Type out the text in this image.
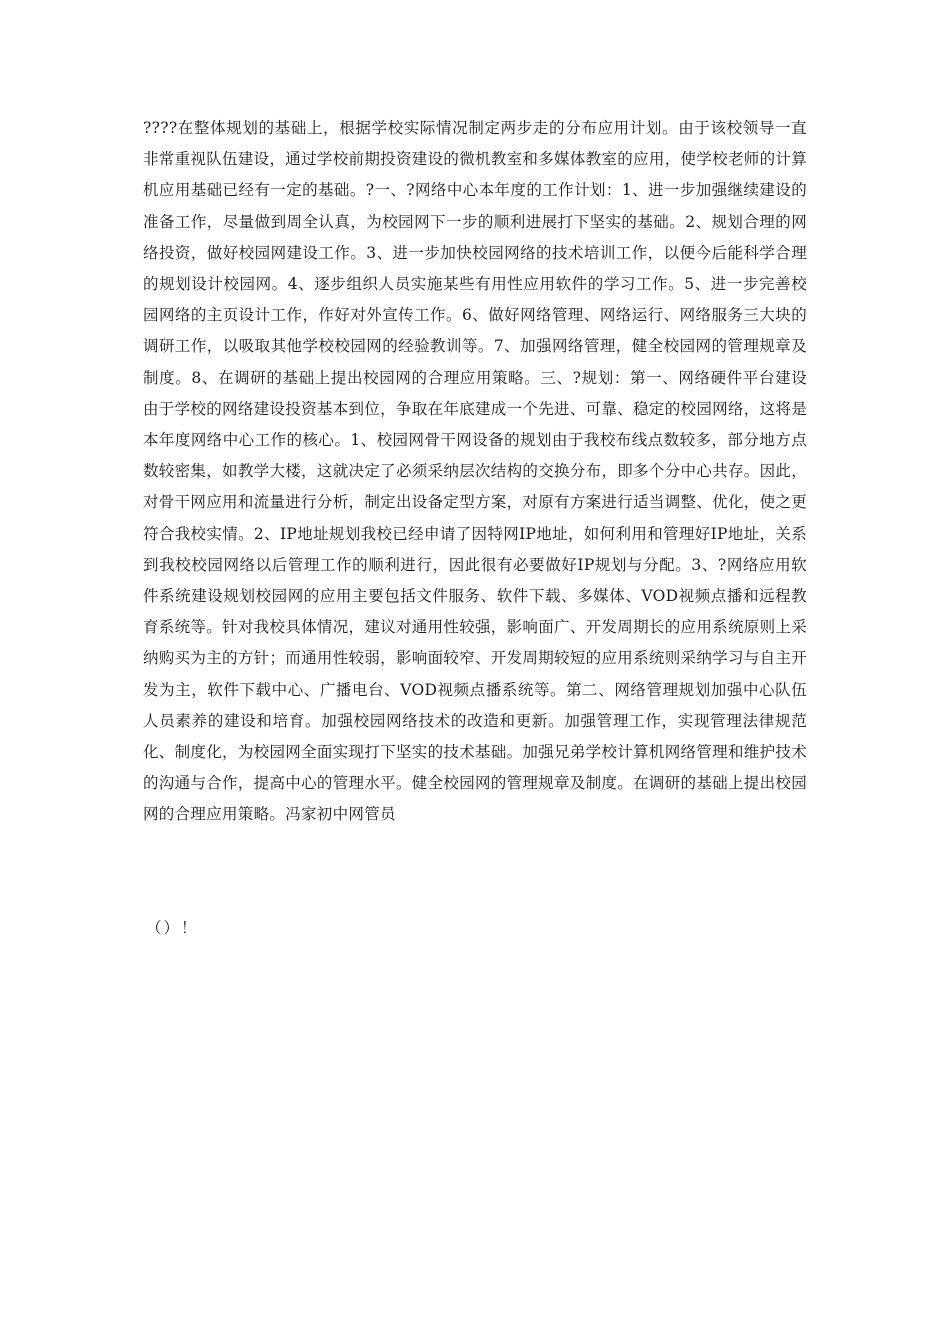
????在整体规划的基础上，根据学校实际情况制定两步走的分布应用计划。由于该校领导一直非常重视队伍建设，通过学校前期投资建设的微机教室和多媒体教室的应用，使学校老师的计算机应用基础已经有一定的基础。?一、?网络中心本年度的工作计划：1、进一步加强继续建设的准备工作，尽量做到周全认真，为校园网下一步的顺利进展打下坚实的基础。2、规划合理的网络投资，做好校园网建设工作。3、进一步加快校园网络的技术培训工作，以便今后能科学合理的规划设计校园网。4、逐步组织人员实施某些有用性应用软件的学习工作。5、进一步完善校园网络的主页设计工作，作好对外宣传工作。6、做好网络管理、网络运行、网络服务三大块的调研工作，以吸取其他学校校园网的经验教训等。7、加强网络管理，健全校园网的管理规章及制度。8、在调研的基础上提出校园网的合理应用策略。三、?规划：第一、网络硬件平台建设由于学校的网络建设投资基本到位，争取在年底建成一个先进、可靠、稳定的校园网络，这将是本年度网络中心工作的核心。1、校园网骨干网设备的规划由于我校布线点数较多，部分地方点数较密集，如教学大楼，这就决定了必须采纳层次结构的交换分布，即多个分中心共存。因此，对骨干网应用和流量进行分析，制定出设备定型方案，对原有方案进行适当调整、优化，使之更符合我校实情。2、IP地址规划我校已经申请了因特网IP地址，如何利用和管理好IP地址，关系到我校校园网络以后管理工作的顺利进行，因此很有必要做好IP规划与分配。3、?网络应用软件系统建设规划校园网的应用主要包括文件服务、软件下载、多媒体、VOD视频点播和远程教育系统等。针对我校具体情况，建议对通用性较强，影响面广、开发周期长的应用系统原则上采纳购买为主的方针；而通用性较弱，影响面较窄、开发周期较短的应用系统则采纳学习与自主开发为主，软件下载中心、广播电台、VOD视频点播系统等。第二、网络管理规划加强中心队伍人员素养的建设和培育。加强校园网络技术的改造和更新。加强管理工作，实现管理法律规范化、制度化，为校园网全面实现打下坚实的技术基础。加强兄弟学校计算机网络管理和维护技术的沟通与合作，提高中心的管理水平。健全校园网的管理规章及制度。在调研的基础上提出校园网的合理应用策略。冯家初中网管员

（）！
